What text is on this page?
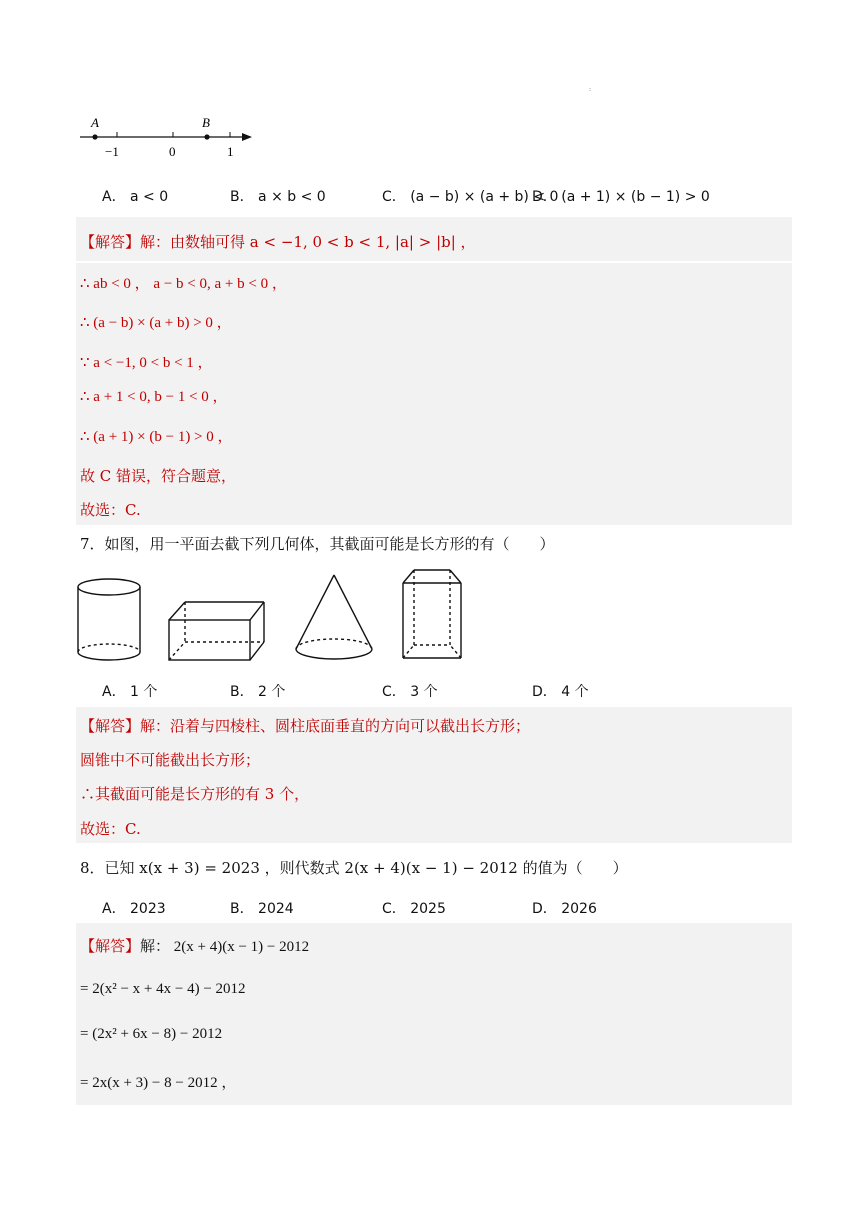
:
A	B
−1	0	1
A． a < 0	B． a × b < 0	C． (a − b) × (a + b) < 0
D． (a + 1) × (b − 1) > 0
【解答】解：由数轴可得 a < −1, 0 < b < 1, |a| > |b| ，
∴ ab < 0 ， a − b < 0, a + b < 0 ，
∴ (a − b) × (a + b) > 0 ，
∵ a < −1, 0 < b < 1 ，
∴ a + 1 < 0, b − 1 < 0 ，
∴ (a + 1) × (b − 1) > 0 ，
故 C 错误，符合题意，
故选：C.
7．如图，用一平面去截下列几何体，其截面可能是长方形的有（　　）
A． 1 个	B． 2 个	C． 3 个	D． 4 个
【解答】解：沿着与四棱柱、圆柱底面垂直的方向可以截出长方形；
圆锥中不可能截出长方形；
∴其截面可能是长方形的有 3 个，
故选：C.
8．已知 x(x + 3) = 2023 ，则代数式 2(x + 4)(x − 1) − 2012 的值为（　　）
A． 2023	B． 2024	C． 2025	D． 2026
【解答】解： 2(x + 4)(x − 1) − 2012
= 2(x² − x + 4x − 4) − 2012
= (2x² + 6x − 8) − 2012
= 2x(x + 3) − 8 − 2012 ，
